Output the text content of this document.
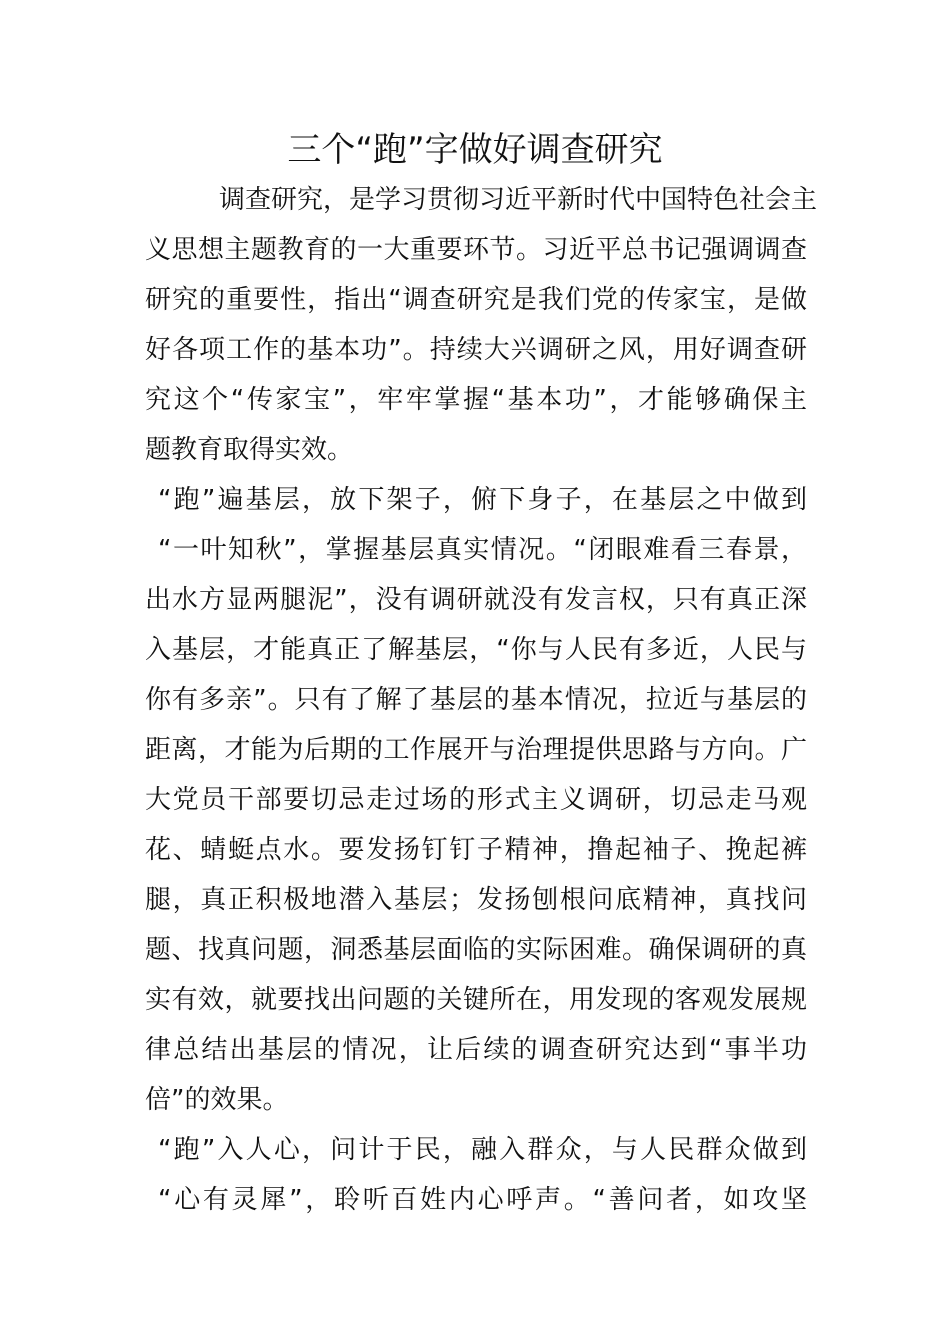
三个“跑”字做好调查研究
调查研究，是学习贯彻习近平新时代中国特色社会主
义思想主题教育的一大重要环节。习近平总书记强调调查
研究的重要性，指出“调查研究是我们党的传家宝，是做
好各项工作的基本功”。持续大兴调研之风，用好调查研
究这个“传家宝”，牢牢掌握“基本功”，才能够确保主
题教育取得实效。
“跑”遍基层，放下架子，俯下身子，在基层之中做到
“一叶知秋”，掌握基层真实情况。“闭眼难看三春景，
出水方显两腿泥”，没有调研就没有发言权，只有真正深
入基层，才能真正了解基层，“你与人民有多近，人民与
你有多亲”。只有了解了基层的基本情况，拉近与基层的
距离，才能为后期的工作展开与治理提供思路与方向。广
大党员干部要切忌走过场的形式主义调研，切忌走马观
花、蜻蜓点水。要发扬钉钉子精神，撸起袖子、挽起裤
腿，真正积极地潜入基层；发扬刨根问底精神，真找问
题、找真问题，洞悉基层面临的实际困难。确保调研的真
实有效，就要找出问题的关键所在，用发现的客观发展规
律总结出基层的情况，让后续的调查研究达到“事半功
倍”的效果。
“跑”入人心，问计于民，融入群众，与人民群众做到
“心有灵犀”，聆听百姓内心呼声。“善问者，如攻坚
